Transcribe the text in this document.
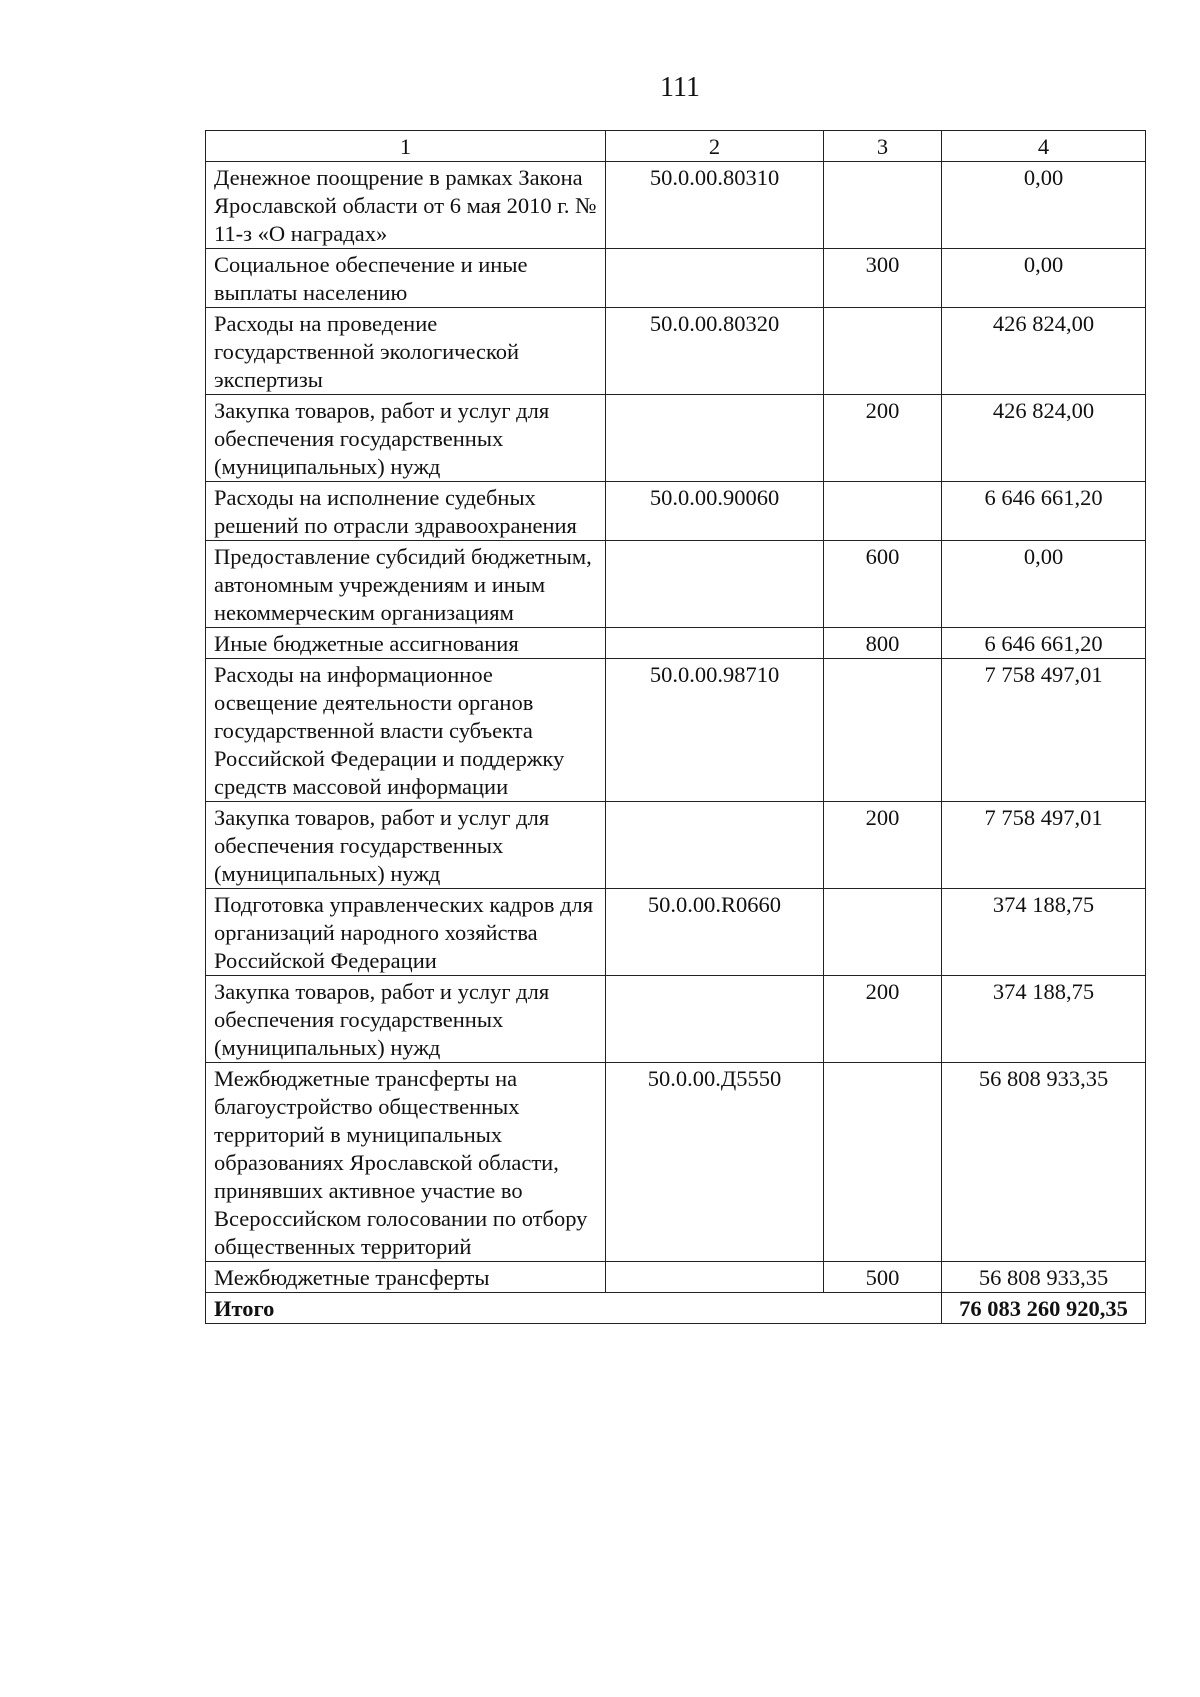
111
1	2	3	4
Денежное поощрение в рамках Закона Ярославской области от 6 мая 2010 г. № 11-з «О наградах»	50.0.00.80310		0,00
Социальное обеспечение и иные выплаты населению		300	0,00
Расходы на проведение государственной экологической экспертизы	50.0.00.80320		426 824,00
Закупка товаров, работ и услуг для обеспечения государственных (муниципальных) нужд		200	426 824,00
Расходы на исполнение судебных решений по отрасли здравоохранения	50.0.00.90060		6 646 661,20
Предоставление субсидий бюджетным, автономным учреждениям и иным некоммерческим организациям		600	0,00
Иные бюджетные ассигнования		800	6 646 661,20
Расходы на информационное освещение деятельности органов государственной власти субъекта Российской Федерации и поддержку средств массовой информации	50.0.00.98710		7 758 497,01
Закупка товаров, работ и услуг для обеспечения государственных (муниципальных) нужд		200	7 758 497,01
Подготовка управленческих кадров для организаций народного хозяйства Российской Федерации	50.0.00.R0660		374 188,75
Закупка товаров, работ и услуг для обеспечения государственных (муниципальных) нужд		200	374 188,75
Межбюджетные трансферты на благоустройство общественных территорий в муниципальных образованиях Ярославской области, принявших активное участие во Всероссийском голосовании по отбору общественных территорий	50.0.00.Д5550		56 808 933,35
Межбюджетные трансферты		500	56 808 933,35
Итого			76 083 260 920,35
